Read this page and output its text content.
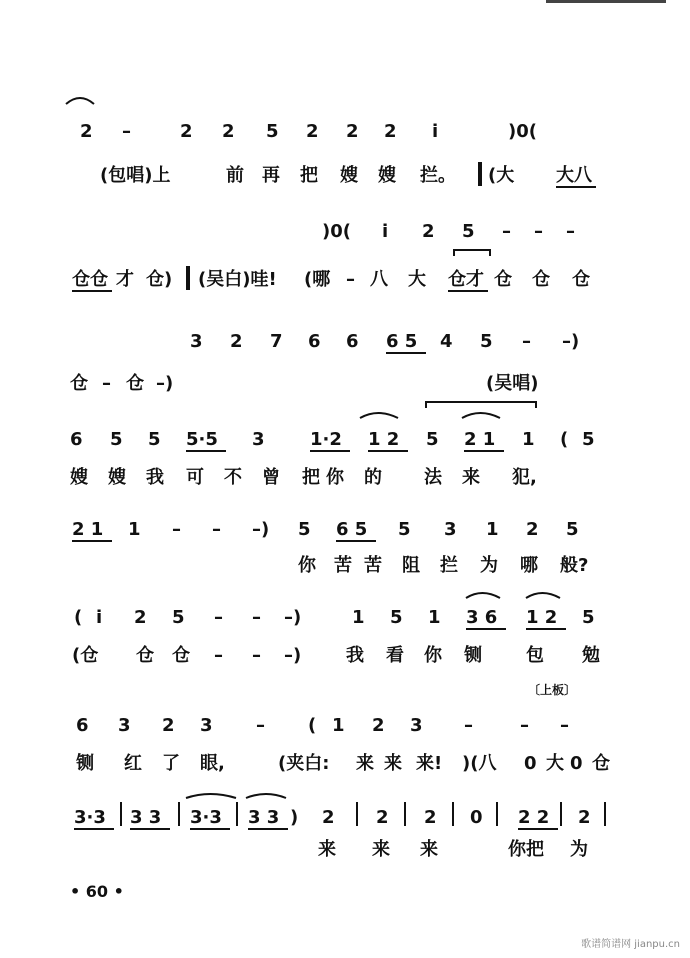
2 –	2 2 5 2 2 2 i	)0(
(包唱)上	前 再 把 嫂 嫂 拦。 (大 大八
)0( i 2 5 – – –
仓仓 才 仓) (吴白)哇! (哪 – 八 大 仓才 仓 仓 仓
3 2 7 6 6 6 5 4 5 – –)
仓 – 仓 –)	(吴唱)
6 5 5 5·5 3	1·2 1 2 5 2 1 1 ( 5
嫂 嫂 我 可 不 曾 把 你 的 法 来 犯,
2 1 1 – – –) 5 6 5 5 3 1 2 5
你 苦 苦 阻 拦 为 哪 般?
( i 2 5 – – –)	1 5 1 3 6 1 2 5
(仓 仓 仓 – – –) 我 看 你 铡 包 勉
6 3 2 3 – ( 1 2 3 –	– –
铡 红 了 眼,	(夹白: 来 来 来! )(八 0 大 0 仓
3·3 3 3 3·3 3 3 ) 2 2 2 0 2 2 2
来 来 来	你把 为
〔上板〕
• 60 •
歌谱简谱网 jianpu.cn
